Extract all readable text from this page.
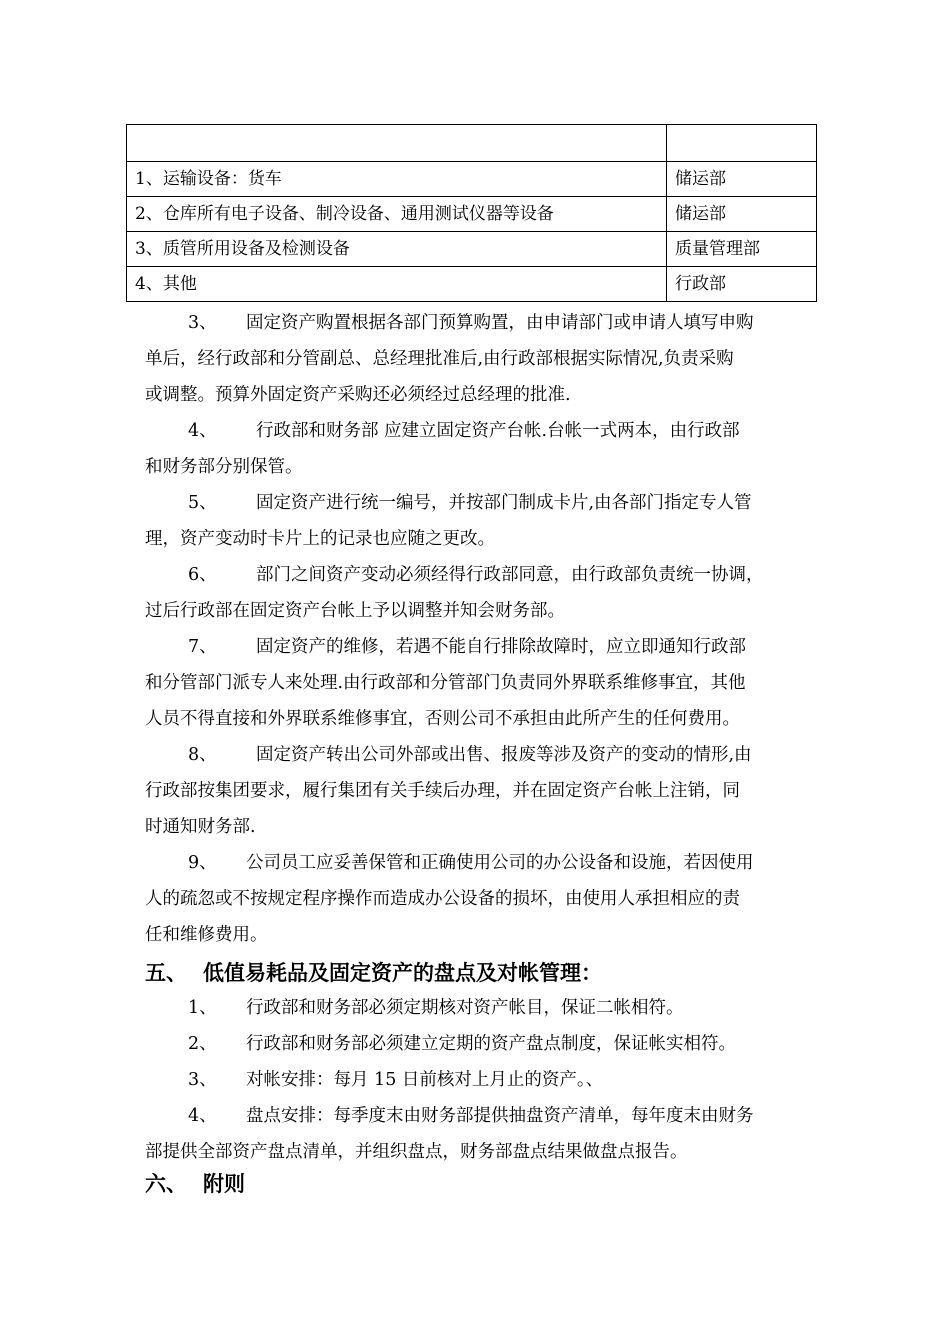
1、运输设备：货车	储运部
2、仓库所有电子设备、制冷设备、通用测试仪器等设备	储运部
3、质管所用设备及检测设备	质量管理部
4、其他	行政部
3、 固定资产购置根据各部门预算购置，由申请部门或申请人填写申购
单后，经行政部和分管副总、总经理批准后,由行政部根据实际情况,负责采购
或调整。预算外固定资产采购还必须经过总经理的批准.
4、 行政部和财务部 应建立固定资产台帐.台帐一式两本，由行政部
和财务部分别保管。
5、 固定资产进行统一编号，并按部门制成卡片,由各部门指定专人管
理，资产变动时卡片上的记录也应随之更改。
6、 部门之间资产变动必须经得行政部同意，由行政部负责统一协调，
过后行政部在固定资产台帐上予以调整并知会财务部。
7、 固定资产的维修，若遇不能自行排除故障时，应立即通知行政部
和分管部门派专人来处理.由行政部和分管部门负责同外界联系维修事宜，其他
人员不得直接和外界联系维修事宜，否则公司不承担由此所产生的任何费用。
8、 固定资产转出公司外部或出售、报废等涉及资产的变动的情形,由
行政部按集团要求，履行集团有关手续后办理，并在固定资产台帐上注销，同
时通知财务部.
9、 公司员工应妥善保管和正确使用公司的办公设备和设施，若因使用
人的疏忽或不按规定程序操作而造成办公设备的损坏，由使用人承担相应的责
任和维修费用。
五、 低值易耗品及固定资产的盘点及对帐管理：
1、 行政部和财务部必须定期核对资产帐目，保证二帐相符。
2、 行政部和财务部必须建立定期的资产盘点制度，保证帐实相符。
3、 对帐安排：每月 15 日前核对上月止的资产。、
4、 盘点安排：每季度末由财务部提供抽盘资产清单，每年度末由财务
部提供全部资产盘点清单，并组织盘点，财务部盘点结果做盘点报告。
六、 附则
